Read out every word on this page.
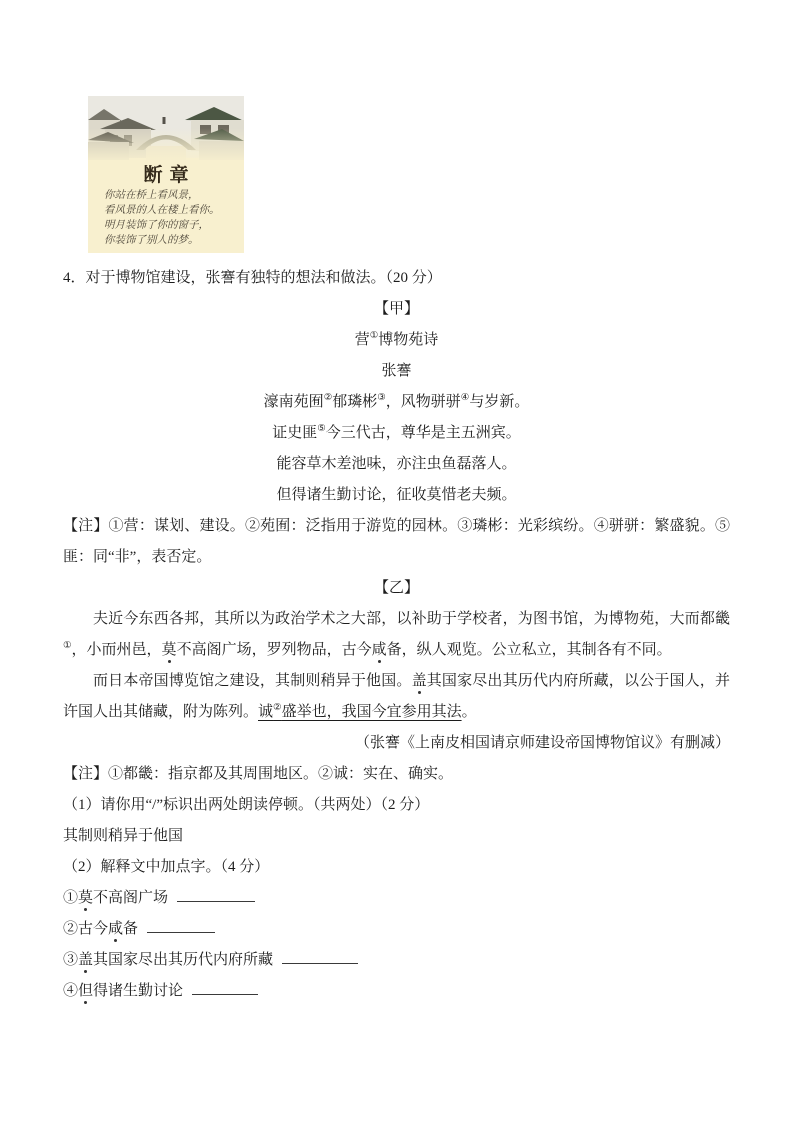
断章
你站在桥上看风景，
看风景的人在楼上看你。
明月装饰了你的窗子，
你装饰了别人的梦。

4．对于博物馆建设，张謇有独特的想法和做法。（20 分）

【甲】

营①博物苑诗

张謇

濠南苑囿②郁璘彬③，风物骈骈④与岁新。

证史匪⑤今三代古，尊华是主五洲宾。

能容草木差池味，亦注虫鱼磊落人。

但得诸生勤讨论，征收莫惜老夫频。

【注】①营：谋划、建设。②苑囿：泛指用于游览的园林。③璘彬：光彩缤纷。④骈骈：繁盛貌。⑤匪：同“非”，表否定。

【乙】

夫近今东西各邦，其所以为政治学术之大部，以补助于学校者，为图书馆，为博物苑，大而都畿①，小而州邑，莫不高阁广场，罗列物品，古今咸备，纵人观览。公立私立，其制各有不同。

而日本帝国博览馆之建设，其制则稍异于他国。盖其国家尽出其历代内府所藏，以公于国人，并许国人出其储藏，附为陈列。诚②盛举也，我国今宜参用其法。

（张謇《上南皮相国请京师建设帝国博物馆议》有删减）

【注】①都畿：指京都及其周围地区。②诚：实在、确实。

（1）请你用“/”标识出两处朗读停顿。（共两处）（2 分）

其制则稍异于他国

（2）解释文中加点字。（4 分）

①莫不高阁广场

②古今咸备

③盖其国家尽出其历代内府所藏

④但得诸生勤讨论
